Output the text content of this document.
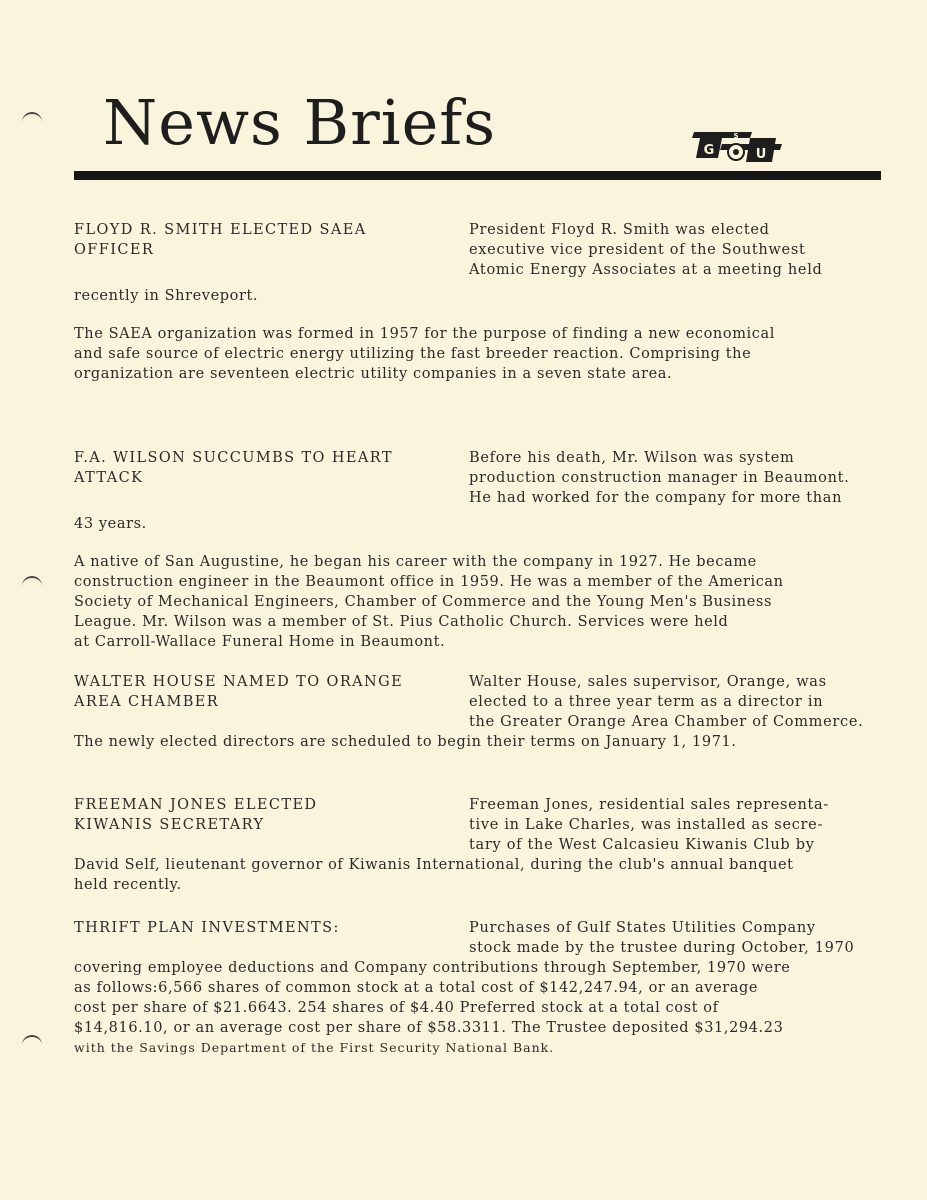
News Briefs	G
S
U
FLOYD R. SMITH ELECTED SAEA
OFFICER
President Floyd R. Smith was elected
executive vice president of the Southwest
Atomic Energy Associates at a meeting held
recently in Shreveport.
The SAEA organization was formed in 1957 for the purpose of finding a new economical
and safe source of electric energy utilizing the fast breeder reaction. Comprising the
organization are seventeen electric utility companies in a seven state area.
F.A. WILSON SUCCUMBS TO HEART
ATTACK
Before his death, Mr. Wilson was system
production construction manager in Beaumont.
He had worked for the company for more than
43 years.
A native of San Augustine, he began his career with the company in 1927. He became
construction engineer in the Beaumont office in 1959. He was a member of the American
Society of Mechanical Engineers, Chamber of Commerce and the Young Men's Business
League. Mr. Wilson was a member of St. Pius Catholic Church. Services were held
at Carroll-Wallace Funeral Home in Beaumont.
WALTER HOUSE NAMED TO ORANGE
AREA CHAMBER
Walter House, sales supervisor, Orange, was
elected to a three year term as a director in
the Greater Orange Area Chamber of Commerce.
The newly elected directors are scheduled to begin their terms on January 1, 1971.
FREEMAN JONES ELECTED
KIWANIS SECRETARY
Freeman Jones, residential sales representa-
tive in Lake Charles, was installed as secre-
tary of the West Calcasieu Kiwanis Club by
David Self, lieutenant governor of Kiwanis International, during the club's annual banquet
held recently.
THRIFT PLAN INVESTMENTS:	Purchases of Gulf States Utilities Company
stock made by the trustee during October, 1970
covering employee deductions and Company contributions through September, 1970 were
as follows:6,566 shares of common stock at a total cost of $142,247.94, or an average
cost per share of $21.6643. 254 shares of $4.40 Preferred stock at a total cost of
$14,816.10, or an average cost per share of $58.3311. The Trustee deposited $31,294.23
with the Savings Department of the First Security National Bank.
